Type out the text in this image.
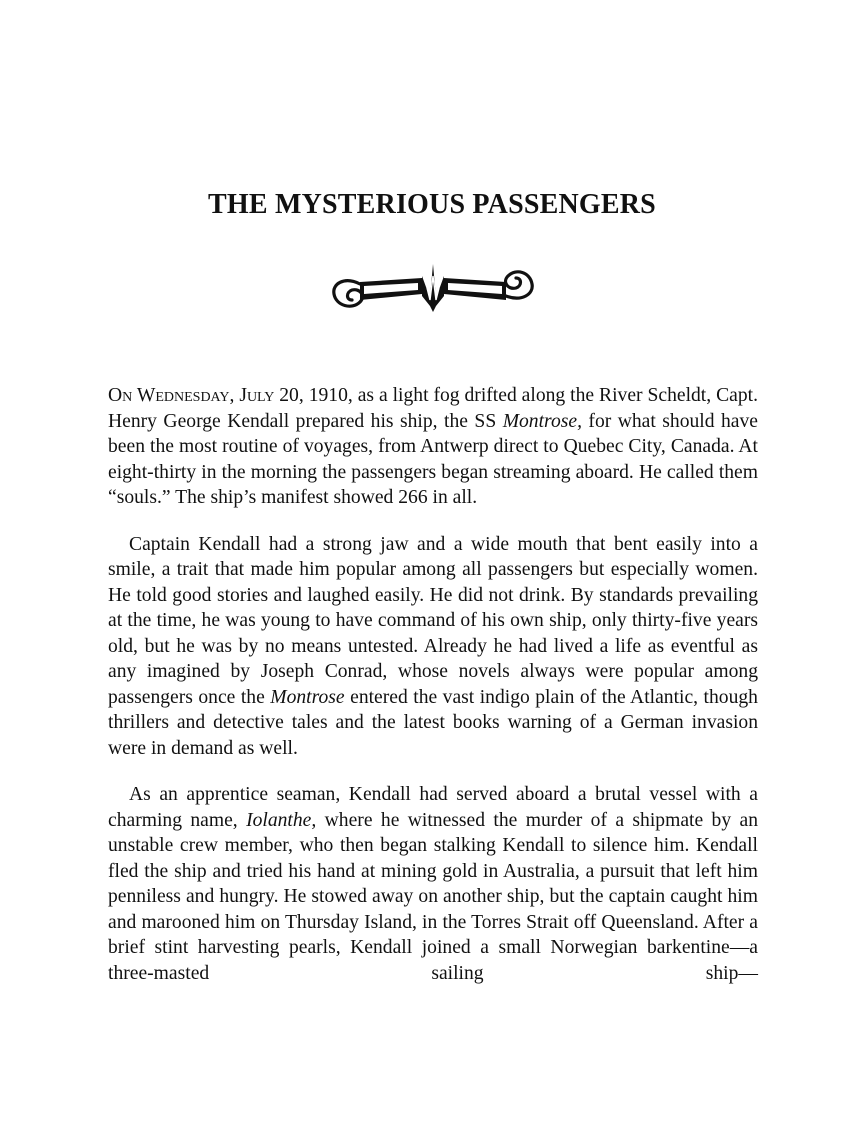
THE MYSTERIOUS PASSENGERS

On Wednesday, July 20, 1910, as a light fog drifted along the River Scheldt, Capt. Henry George Kendall prepared his ship, the SS Montrose, for what should have been the most routine of voyages, from Antwerp direct to Quebec City, Canada. At eight-thirty in the morning the passengers began streaming aboard. He called them “souls.” The ship’s manifest showed 266 in all.

Captain Kendall had a strong jaw and a wide mouth that bent easily into a smile, a trait that made him popular among all passengers but especially women. He told good stories and laughed easily. He did not drink. By standards prevailing at the time, he was young to have command of his own ship, only thirty-five years old, but he was by no means untested. Already he had lived a life as eventful as any imagined by Joseph Conrad, whose novels always were popular among passengers once the Montrose entered the vast indigo plain of the Atlantic, though thrillers and detective tales and the latest books warning of a German invasion were in demand as well.

As an apprentice seaman, Kendall had served aboard a brutal vessel with a charming name, Iolanthe, where he witnessed the murder of a shipmate by an unstable crew member, who then began stalking Kendall to silence him. Kendall fled the ship and tried his hand at mining gold in Australia, a pursuit that left him penniless and hungry. He stowed away on another ship, but the captain caught him and marooned him on Thursday Island, in the Torres Strait off Queensland. After a brief stint harvesting pearls, Kendall joined a small Norwegian barkentine—a three-masted sailing ship—
